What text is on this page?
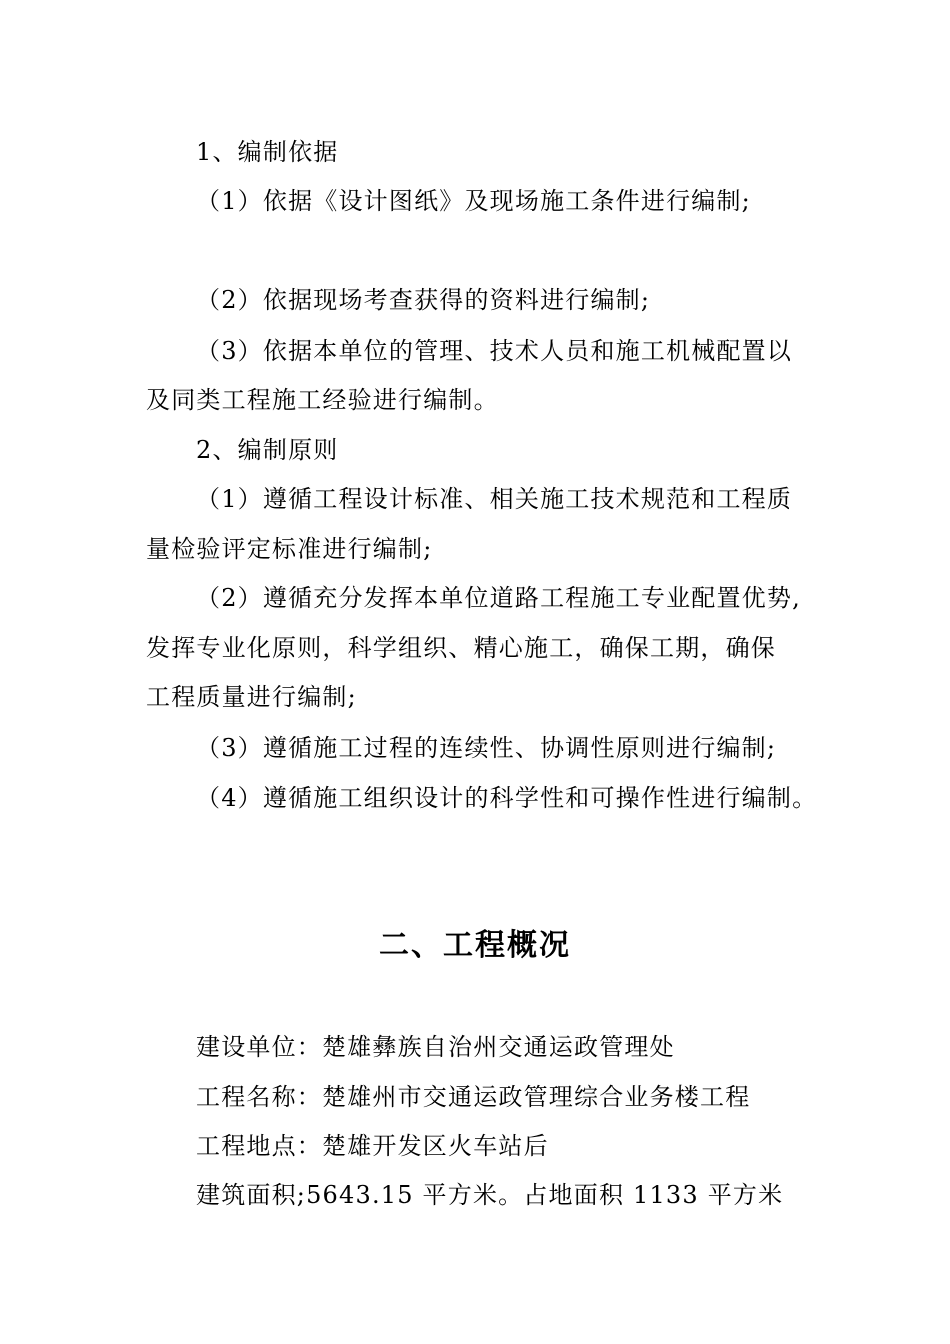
1、编制依据
（1）依据《设计图纸》及现场施工条件进行编制;
（2）依据现场考查获得的资料进行编制;
（3）依据本单位的管理、技术人员和施工机械配置以
及同类工程施工经验进行编制。
2、编制原则
（1）遵循工程设计标准、相关施工技术规范和工程质
量检验评定标准进行编制;
（2）遵循充分发挥本单位道路工程施工专业配置优势,
发挥专业化原则，科学组织、精心施工，确保工期，确保
工程质量进行编制;
（3）遵循施工过程的连续性、协调性原则进行编制;
（4）遵循施工组织设计的科学性和可操作性进行编制。
二、工程概况
建设单位：楚雄彝族自治州交通运政管理处
工程名称：楚雄州市交通运政管理综合业务楼工程
工程地点：楚雄开发区火车站后
建筑面积;5643.15 平方米。占地面积 1133 平方米
